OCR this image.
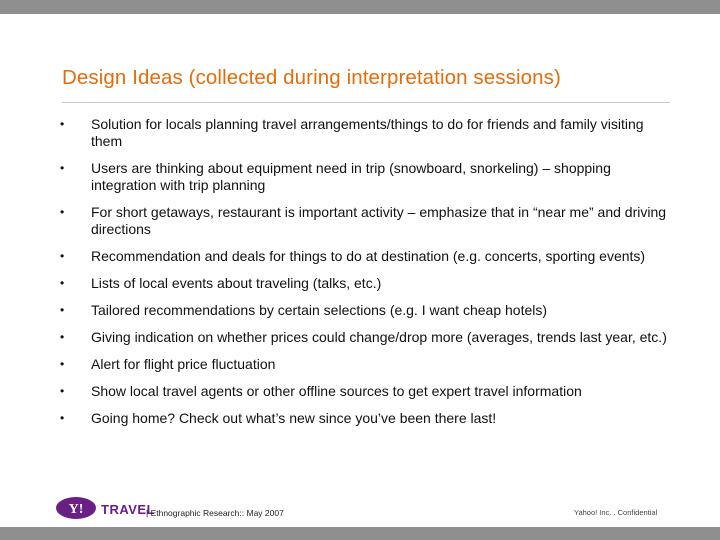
Design Ideas (collected during interpretation sessions)
• Solution for locals planning travel arrangements/things to do for friends and family visiting them
• Users are thinking about equipment need in trip (snowboard, snorkeling) – shopping integration with trip planning
• For short getaways, restaurant is important activity – emphasize that in “near me” and driving directions
• Recommendation and deals for things to do at destination (e.g. concerts, sporting events)
• Lists of local events about traveling (talks, etc.)
• Tailored recommendations by certain selections (e.g. I want cheap hotels)
• Giving indication on whether prices could change/drop more (averages, trends last year, etc.)
• Alert for flight price fluctuation
• Show local travel agents or other offline sources to get expert travel information
• Going home? Check out what’s new since you’ve been there last!
Y! TRAVEL
| Ethnographic Research:: May 2007	Yahoo! Inc. . Confidential
